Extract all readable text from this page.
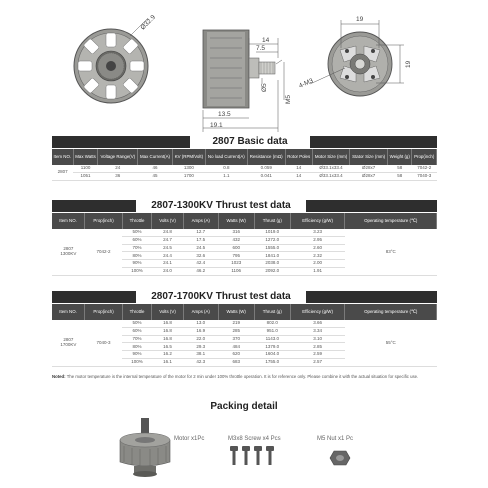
Ø32.9
14
7.5
Ø5
M5
13.5
19.1
19
19
4-M3
2807 Basic data
Item NO.	Max Watts	Voltage Range(V)	Max Current(A)	KV (RPM/Volt)	No load Current(A)	Resistance (mΩ)	Rotor Poles	Motor Size (mm)	Stator Size (mm)	Weight (g)	Prop(inch)
2807	1100	24	46	1300	0.8	0.059	14	Ø33.1x33.4	Ø28x7	58	7042-2
	1051	36	45	1700	1.1	0.041	14	Ø33.1x33.4	Ø28x7	58	7040-3
2807-1300KV Thrust test data
Item NO.	Prop(inch)	Throttle	Volts (V)	Amps (A)	Watts (W)	Thrust (g)	Efficiency (g/W)	Operating temperature (℃)

2807
1300KV	7042-2	50%	24.8	12.7	316	1019.0	3.23	83°C
		60%	24.7	17.5	432	1272.0	2.95	
		70%	24.5	24.5	600	1555.0	2.60	
		80%	24.4	32.6	795	1841.0	2.32	
		90%	24.1	42.4	1023	2038.0	2.00	
		100%	24.0	46.2	1106	2092.0	1.91	
2807-1700KV Thrust test data
Item NO.	Prop(inch)	Throttle	Volts (V)	Amps (A)	Watts (W)	Thrust (g)	Efficiency (g/W)	Operating temperature (℃)

2807
1700KV	7040-3	50%	16.8	13.0	219	802.0	3.66	55°C
		60%	16.8	16.9	285	951.0	3.34	
		70%	16.8	22.0	370	1143.0	3.10	
		80%	16.5	29.3	484	1379.0	2.85	
		90%	16.2	38.1	620	1604.0	2.59	
		100%	16.1	42.3	683	1755.0	2.57	
Noted: The motor temperature is the internal temperature of the motor for 2 min under 100% throttle operation. It is for reference only. Please combine it with the actual situation for specific use.
Packing detail
Motor x1Pc	M3x8 Screw x4 Pcs	M5 Nut x1 Pc
